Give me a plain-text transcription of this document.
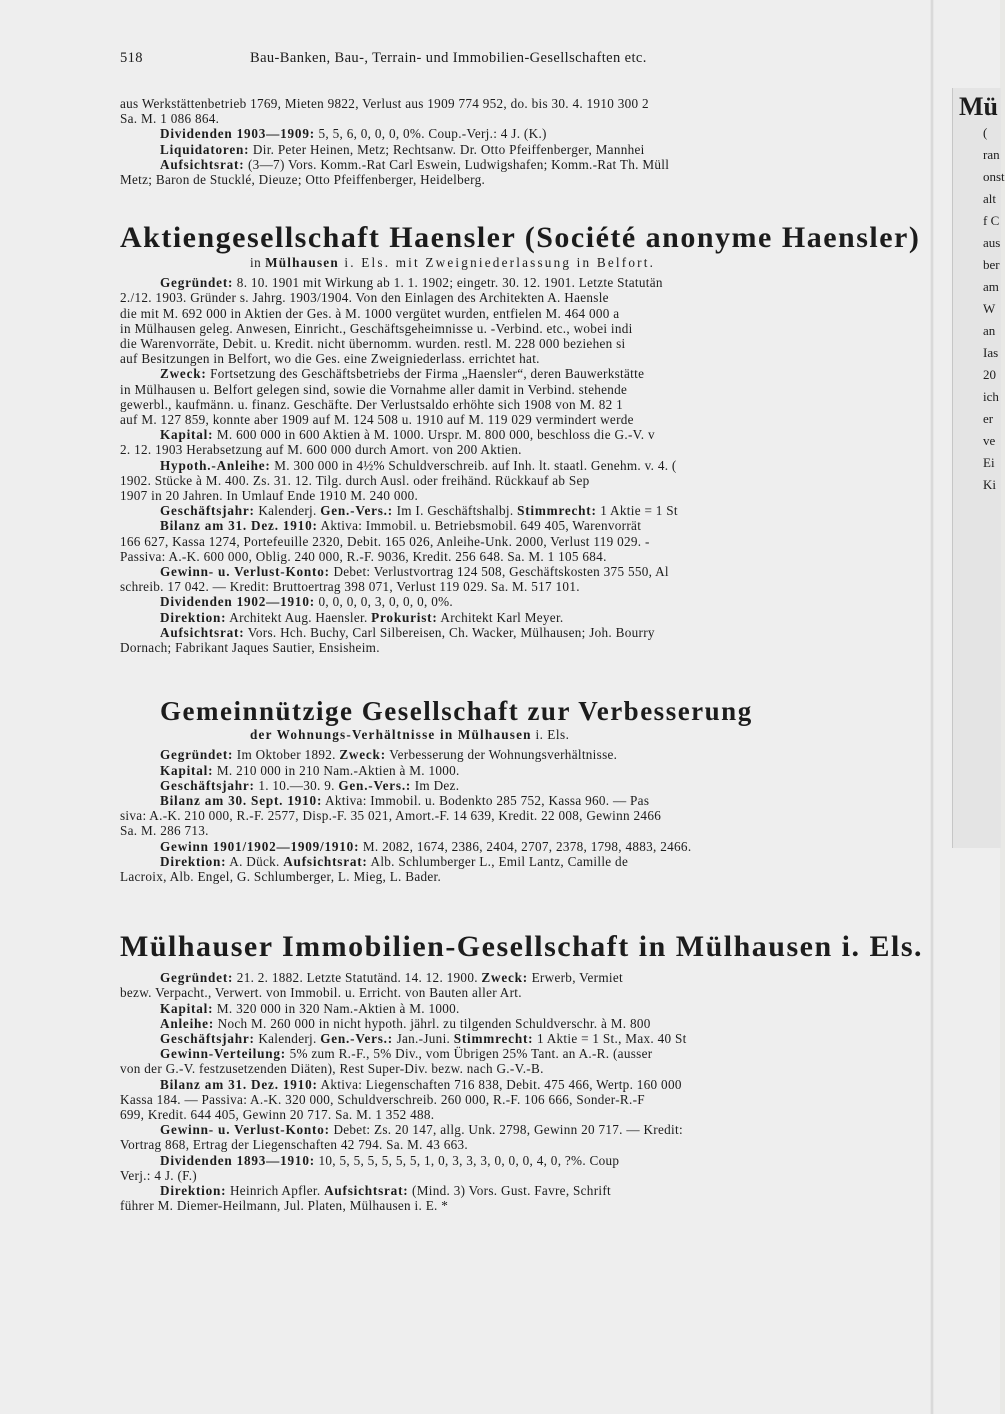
518	Bau-Banken, Bau-, Terrain- und Immobilien-Gesellschaften etc.

aus Werkstättenbetrieb 1769, Mieten 9822, Verlust aus 1909 774 952, do. bis 30. 4. 1910 300 2

Sa. M. 1 086 864.

Dividenden 1903—1909: 5, 5, 6, 0, 0, 0, 0%. Coup.-Verj.: 4 J. (K.)

Liquidatoren: Dir. Peter Heinen, Metz; Rechtsanw. Dr. Otto Pfeiffenberger, Mannhei

Aufsichtsrat: (3—7) Vors. Komm.-Rat Carl Eswein, Ludwigshafen; Komm.-Rat Th. Müll

Metz; Baron de Stucklé, Dieuze; Otto Pfeiffenberger, Heidelberg.

Aktiengesellschaft Haensler (Société anonyme Haensler)
in Mülhausen i. Els. mit Zweigniederlassung in Belfort.

Gegründet: 8. 10. 1901 mit Wirkung ab 1. 1. 1902; eingetr. 30. 12. 1901. Letzte Statutän

2./12. 1903. Gründer s. Jahrg. 1903/1904. Von den Einlagen des Architekten A. Haensle

die mit M. 692 000 in Aktien der Ges. à M. 1000 vergütet wurden, entfielen M. 464 000 a

in Mülhausen geleg. Anwesen, Einricht., Geschäftsgeheimnisse u. -Verbind. etc., wobei indi

die Warenvorräte, Debit. u. Kredit. nicht übernomm. wurden. restl. M. 228 000 beziehen si

auf Besitzungen in Belfort, wo die Ges. eine Zweigniederlass. errichtet hat.

Zweck: Fortsetzung des Geschäftsbetriebs der Firma „Haensler“, deren Bauwerkstätte

in Mülhausen u. Belfort gelegen sind, sowie die Vornahme aller damit in Verbind. stehende

gewerbl., kaufmänn. u. finanz. Geschäfte. Der Verlustsaldo erhöhte sich 1908 von M. 82 1

auf M. 127 859, konnte aber 1909 auf M. 124 508 u. 1910 auf M. 119 029 vermindert werde

Kapital: M. 600 000 in 600 Aktien à M. 1000. Urspr. M. 800 000, beschloss die G.-V. v

2. 12. 1903 Herabsetzung auf M. 600 000 durch Amort. von 200 Aktien.

Hypoth.-Anleihe: M. 300 000 in 4½% Schuldverschreib. auf Inh. lt. staatl. Genehm. v. 4. (

1902. Stücke à M. 400. Zs. 31. 12. Tilg. durch Ausl. oder freihänd. Rückkauf ab Sep

1907 in 20 Jahren. In Umlauf Ende 1910 M. 240 000.

Geschäftsjahr: Kalenderj. Gen.-Vers.: Im I. Geschäftshalbj. Stimmrecht: 1 Aktie = 1 St

Bilanz am 31. Dez. 1910: Aktiva: Immobil. u. Betriebsmobil. 649 405, Warenvorrät

166 627, Kassa 1274, Portefeuille 2320, Debit. 165 026, Anleihe-Unk. 2000, Verlust 119 029. -

Passiva: A.-K. 600 000, Oblig. 240 000, R.-F. 9036, Kredit. 256 648. Sa. M. 1 105 684.

Gewinn- u. Verlust-Konto: Debet: Verlustvortrag 124 508, Geschäftskosten 375 550, Al

schreib. 17 042. — Kredit: Bruttoertrag 398 071, Verlust 119 029. Sa. M. 517 101.

Dividenden 1902—1910: 0, 0, 0, 0, 3, 0, 0, 0, 0%.

Direktion: Architekt Aug. Haensler. Prokurist: Architekt Karl Meyer.

Aufsichtsrat: Vors. Hch. Buchy, Carl Silbereisen, Ch. Wacker, Mülhausen; Joh. Bourry

Dornach; Fabrikant Jaques Sautier, Ensisheim.

Gemeinnützige Gesellschaft zur Verbesserung
der Wohnungs-Verhältnisse in Mülhausen i. Els.

Gegründet: Im Oktober 1892. Zweck: Verbesserung der Wohnungsverhältnisse.

Kapital: M. 210 000 in 210 Nam.-Aktien à M. 1000.

Geschäftsjahr: 1. 10.—30. 9. Gen.-Vers.: Im Dez.

Bilanz am 30. Sept. 1910: Aktiva: Immobil. u. Bodenkto 285 752, Kassa 960. — Pas

siva: A.-K. 210 000, R.-F. 2577, Disp.-F. 35 021, Amort.-F. 14 639, Kredit. 22 008, Gewinn 2466

Sa. M. 286 713.

Gewinn 1901/1902—1909/1910: M. 2082, 1674, 2386, 2404, 2707, 2378, 1798, 4883, 2466.

Direktion: A. Dück. Aufsichtsrat: Alb. Schlumberger L., Emil Lantz, Camille de

Lacroix, Alb. Engel, G. Schlumberger, L. Mieg, L. Bader.

Mülhauser Immobilien-Gesellschaft in Mülhausen i. Els.

Gegründet: 21. 2. 1882. Letzte Statutänd. 14. 12. 1900. Zweck: Erwerb, Vermiet

bezw. Verpacht., Verwert. von Immobil. u. Erricht. von Bauten aller Art.

Kapital: M. 320 000 in 320 Nam.-Aktien à M. 1000.

Anleihe: Noch M. 260 000 in nicht hypoth. jährl. zu tilgenden Schuldverschr. à M. 800

Geschäftsjahr: Kalenderj. Gen.-Vers.: Jan.-Juni. Stimmrecht: 1 Aktie = 1 St., Max. 40 St

Gewinn-Verteilung: 5% zum R.-F., 5% Div., vom Übrigen 25% Tant. an A.-R. (ausser

von der G.-V. festzusetzenden Diäten), Rest Super-Div. bezw. nach G.-V.-B.

Bilanz am 31. Dez. 1910: Aktiva: Liegenschaften 716 838, Debit. 475 466, Wertp. 160 000

Kassa 184. — Passiva: A.-K. 320 000, Schuldverschreib. 260 000, R.-F. 106 666, Sonder-R.-F

699, Kredit. 644 405, Gewinn 20 717. Sa. M. 1 352 488.

Gewinn- u. Verlust-Konto: Debet: Zs. 20 147, allg. Unk. 2798, Gewinn 20 717. — Kredit:

Vortrag 868, Ertrag der Liegenschaften 42 794. Sa. M. 43 663.

Dividenden 1893—1910: 10, 5, 5, 5, 5, 5, 5, 1, 0, 3, 3, 3, 0, 0, 0, 4, 0, ?%. Coup

Verj.: 4 J. (F.)

Direktion: Heinrich Apfler. Aufsichtsrat: (Mind. 3) Vors. Gust. Favre, Schrift

führer M. Diemer-Heilmann, Jul. Platen, Mülhausen i. E. *

Mü
(
ran
onst
alt
f C
aus
ber
am
W
an
Ias
20
ich
er
ve
Ei
Ki
